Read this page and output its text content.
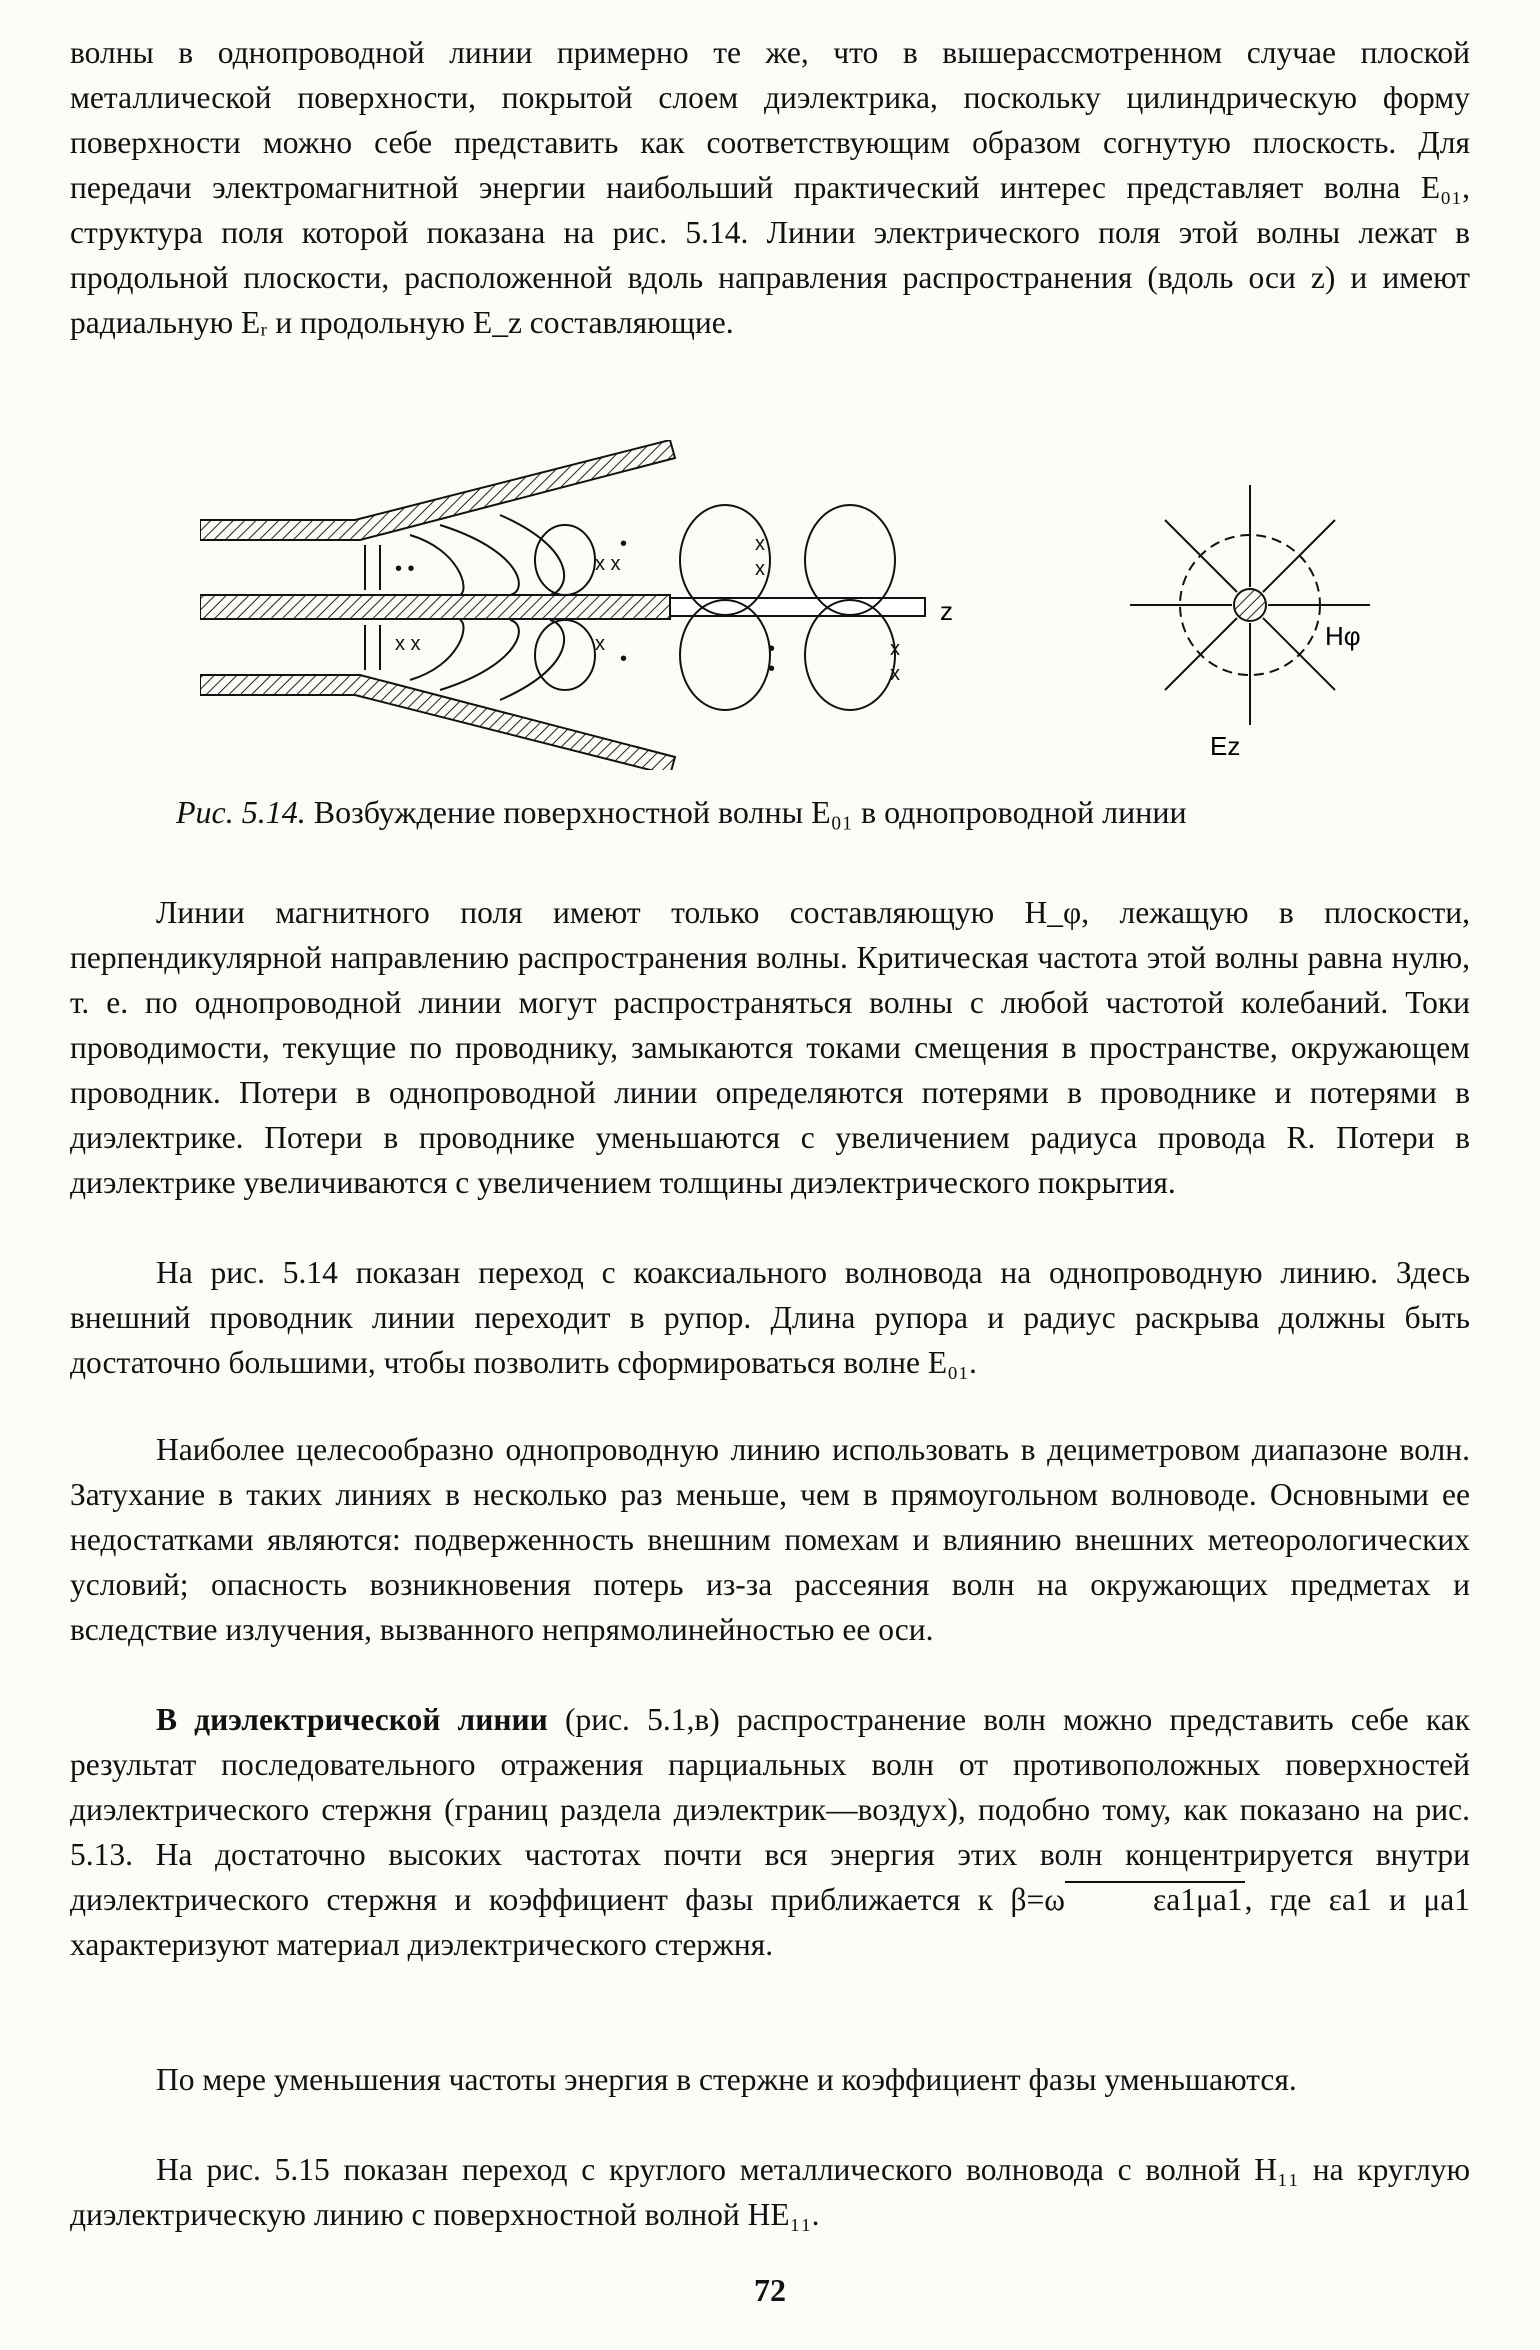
волны в однопроводной линии примерно те же, что в вышерассмотренном случае плоской металлической поверхности, покрытой слоем диэлектрика, поскольку цилиндрическую форму поверхности можно себе представить как соответствующим образом согнутую плоскость. Для передачи электромагнитной энергии наибольший практический интерес представляет волна E₀₁, структура поля которой показана на рис. 5.14. Линии электрического поля этой волны лежат в продольной плоскости, расположенной вдоль направления распространения (вдоль оси z) и имеют радиальную Eᵣ и продольную E_z составляющие.

z
• •
x x
x x
x
•
•
x
x
•
•
x
x
Hφ
Ez
Рис. 5.14. Возбуждение поверхностной волны E₀₁ в однопроводной линии

Линии магнитного поля имеют только составляющую H_φ, лежащую в плоскости, перпендикулярной направлению распространения волны. Критическая частота этой волны равна нулю, т. е. по однопроводной линии могут распространяться волны с любой частотой колебаний. Токи проводимости, текущие по проводнику, замыкаются токами смещения в пространстве, окружающем проводник. Потери в однопроводной линии определяются потерями в проводнике и потерями в диэлектрике. Потери в проводнике уменьшаются с увеличением радиуса провода R. Потери в диэлектрике увеличиваются с увеличением толщины диэлектрического покрытия.

На рис. 5.14 показан переход с коаксиального волновода на однопроводную линию. Здесь внешний проводник линии переходит в рупор. Длина рупора и радиус раскрыва должны быть достаточно большими, чтобы позволить сформироваться волне E₀₁.

Наиболее целесообразно однопроводную линию использовать в дециметровом диапазоне волн. Затухание в таких линиях в несколько раз меньше, чем в прямоугольном волноводе. Основными ее недостатками являются: подверженность внешним помехам и влиянию внешних метеорологических условий; опасность возникновения потерь из-за рассеяния волн на окружающих предметах и вследствие излучения, вызванного непрямолинейностью ее оси.

В диэлектрической линии (рис. 5.1,в) распространение волн можно представить себе как результат последовательного отражения парциальных волн от противоположных поверхностей диэлектрического стержня (границ раздела диэлектрик—воздух), подобно тому, как показано на рис. 5.13. На достаточно высоких частотах почти вся энергия этих волн концентрируется внутри диэлектрического стержня и коэффициент фазы приближается к β=ω	εa1μa1, где εa1 и μa1 характеризуют материал диэлектрического стержня.

По мере уменьшения частоты энергия в стержне и коэффициент фазы уменьшаются.

На рис. 5.15 показан переход с круглого металлического волновода с волной H₁₁ на круглую диэлектрическую линию с поверхностной волной HE₁₁.

72
